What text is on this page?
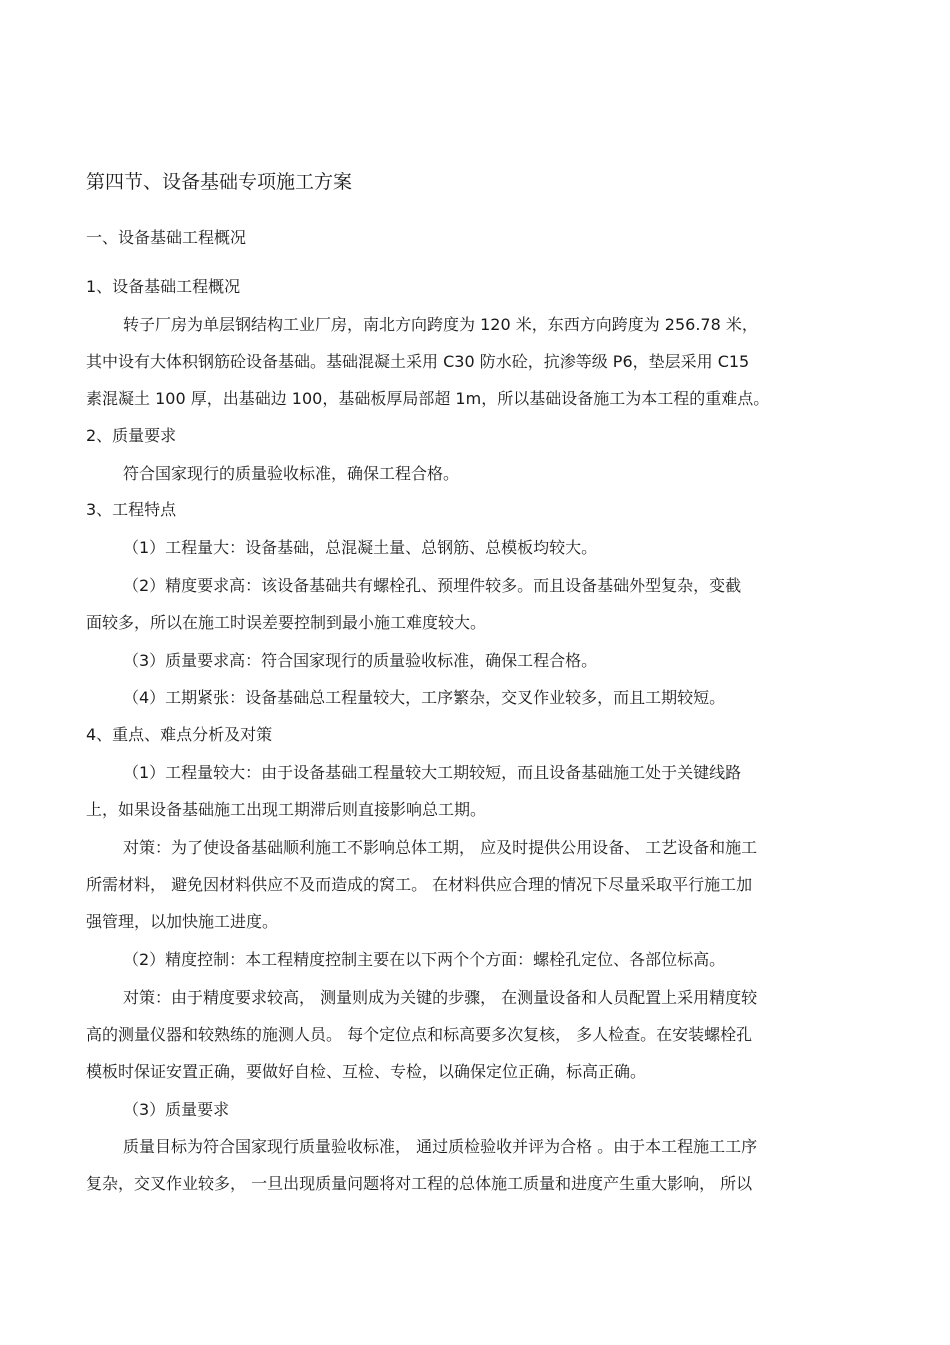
第四节、设备基础专项施工方案
一、设备基础工程概况
1、设备基础工程概况
转子厂房为单层钢结构工业厂房，南北方向跨度为 120 米，东西方向跨度为 256.78 米，
其中设有大体积钢筋砼设备基础。基础混凝土采用 C30 防水砼，抗渗等级 P6，垫层采用 C15
素混凝土 100 厚，出基础边 100，基础板厚局部超 1m，所以基础设备施工为本工程的重难点。
2、质量要求
符合国家现行的质量验收标准，确保工程合格。
3、工程特点
（1）工程量大：设备基础，总混凝土量、总钢筋、总模板均较大。
（2）精度要求高：该设备基础共有螺栓孔、预埋件较多。而且设备基础外型复杂，变截
面较多，所以在施工时误差要控制到最小施工难度较大。
（3）质量要求高：符合国家现行的质量验收标准，确保工程合格。
（4）工期紧张：设备基础总工程量较大，工序繁杂，交叉作业较多，而且工期较短。
4、重点、难点分析及对策
（1）工程量较大：由于设备基础工程量较大工期较短，而且设备基础施工处于关键线路
上，如果设备基础施工出现工期滞后则直接影响总工期。
对策：为了使设备基础顺利施工不影响总体工期， 应及时提供公用设备、 工艺设备和施工
所需材料， 避免因材料供应不及而造成的窝工。 在材料供应合理的情况下尽量采取平行施工加
强管理，以加快施工进度。
（2）精度控制：本工程精度控制主要在以下两个个方面：螺栓孔定位、各部位标高。
对策：由于精度要求较高， 测量则成为关键的步骤， 在测量设备和人员配置上采用精度较
高的测量仪器和较熟练的施测人员。 每个定位点和标高要多次复核， 多人检查。在安装螺栓孔
模板时保证安置正确，要做好自检、互检、专检，以确保定位正确，标高正确。
（3）质量要求
质量目标为符合国家现行质量验收标准， 通过质检验收并评为合格 。由于本工程施工工序
复杂，交叉作业较多， 一旦出现质量问题将对工程的总体施工质量和进度产生重大影响， 所以
